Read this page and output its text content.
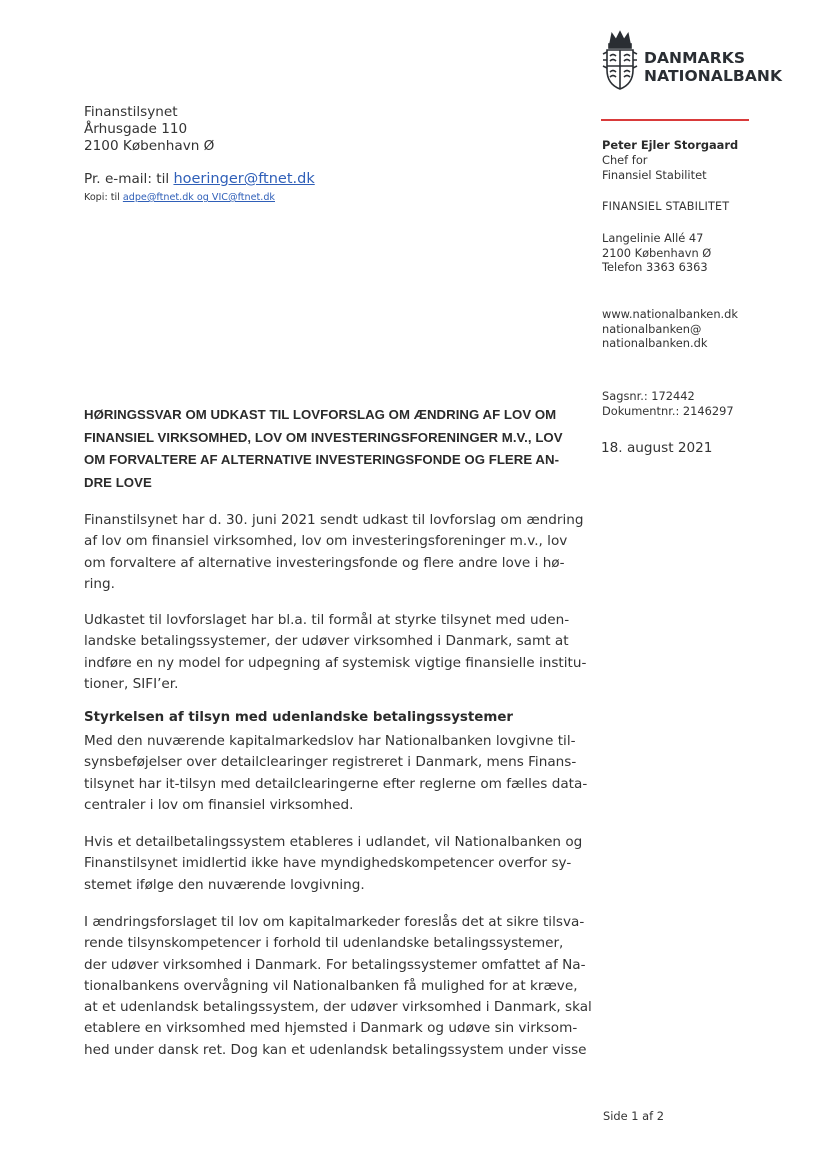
DANMARKS
NATIONALBANK
Finanstilsynet
Århusgade 110
2100 København Ø
Pr. e-mail: til hoeringer@ftnet.dk
Kopi: til adpe@ftnet.dk og VIC@ftnet.dk
Peter Ejler Storgaard
Chef for
Finansiel Stabilitet
FINANSIEL STABILITET
Langelinie Allé 47
2100 København Ø
Telefon 3363 6363
www.nationalbanken.dk
nationalbanken@
nationalbanken.dk
Sagsnr.: 172442
Dokumentnr.: 2146297
18. august 2021
HØRINGSSVAR OM UDKAST TIL LOVFORSLAG OM ÆNDRING AF LOV OM
FINANSIEL VIRKSOMHED, LOV OM INVESTERINGSFORENINGER M.V., LOV
OM FORVALTERE AF ALTERNATIVE INVESTERINGSFONDE OG FLERE AN-
DRE LOVE
Finanstilsynet har d. 30. juni 2021 sendt udkast til lovforslag om ændring
af lov om finansiel virksomhed, lov om investeringsforeninger m.v., lov
om forvaltere af alternative investeringsfonde og flere andre love i hø-
ring.
Udkastet til lovforslaget har bl.a. til formål at styrke tilsynet med uden-
landske betalingssystemer, der udøver virksomhed i Danmark, samt at
indføre en ny model for udpegning af systemisk vigtige finansielle institu-
tioner, SIFI’er.
Styrkelsen af tilsyn med udenlandske betalingssystemer
Med den nuværende kapitalmarkedslov har Nationalbanken lovgivne til-
synsbeføjelser over detailclearinger registreret i Danmark, mens Finans-
tilsynet har it-tilsyn med detailclearingerne efter reglerne om fælles data-
centraler i lov om finansiel virksomhed.
Hvis et detailbetalingssystem etableres i udlandet, vil Nationalbanken og
Finanstilsynet imidlertid ikke have myndighedskompetencer overfor sy-
stemet ifølge den nuværende lovgivning.
I ændringsforslaget til lov om kapitalmarkeder foreslås det at sikre tilsva-
rende tilsynskompetencer i forhold til udenlandske betalingssystemer,
der udøver virksomhed i Danmark. For betalingssystemer omfattet af Na-
tionalbankens overvågning vil Nationalbanken få mulighed for at kræve,
at et udenlandsk betalingssystem, der udøver virksomhed i Danmark, skal
etablere en virksomhed med hjemsted i Danmark og udøve sin virksom-
hed under dansk ret. Dog kan et udenlandsk betalingssystem under visse
Side 1 af 2
